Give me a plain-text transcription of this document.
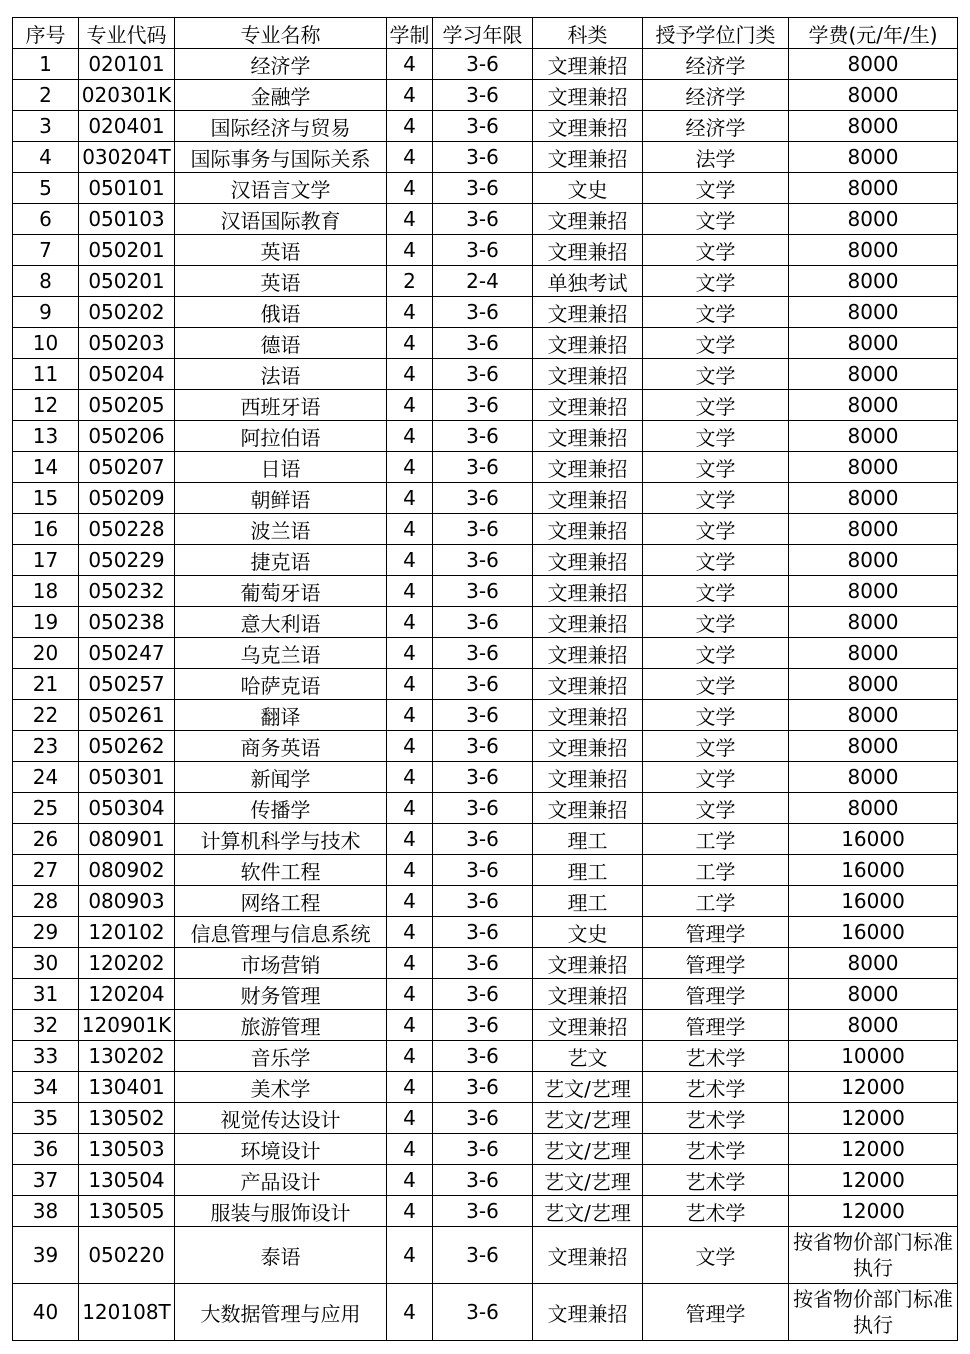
序号	专业代码	专业名称	学制	学习年限	科类	授予学位门类	学费(元/年/生)
1	020101	经济学	4	3-6	文理兼招	经济学	8000
2	020301K	金融学	4	3-6	文理兼招	经济学	8000
3	020401	国际经济与贸易	4	3-6	文理兼招	经济学	8000
4	030204T	国际事务与国际关系	4	3-6	文理兼招	法学	8000
5	050101	汉语言文学	4	3-6	文史	文学	8000
6	050103	汉语国际教育	4	3-6	文理兼招	文学	8000
7	050201	英语	4	3-6	文理兼招	文学	8000
8	050201	英语	2	2-4	单独考试	文学	8000
9	050202	俄语	4	3-6	文理兼招	文学	8000
10	050203	德语	4	3-6	文理兼招	文学	8000
11	050204	法语	4	3-6	文理兼招	文学	8000
12	050205	西班牙语	4	3-6	文理兼招	文学	8000
13	050206	阿拉伯语	4	3-6	文理兼招	文学	8000
14	050207	日语	4	3-6	文理兼招	文学	8000
15	050209	朝鲜语	4	3-6	文理兼招	文学	8000
16	050228	波兰语	4	3-6	文理兼招	文学	8000
17	050229	捷克语	4	3-6	文理兼招	文学	8000
18	050232	葡萄牙语	4	3-6	文理兼招	文学	8000
19	050238	意大利语	4	3-6	文理兼招	文学	8000
20	050247	乌克兰语	4	3-6	文理兼招	文学	8000
21	050257	哈萨克语	4	3-6	文理兼招	文学	8000
22	050261	翻译	4	3-6	文理兼招	文学	8000
23	050262	商务英语	4	3-6	文理兼招	文学	8000
24	050301	新闻学	4	3-6	文理兼招	文学	8000
25	050304	传播学	4	3-6	文理兼招	文学	8000
26	080901	计算机科学与技术	4	3-6	理工	工学	16000
27	080902	软件工程	4	3-6	理工	工学	16000
28	080903	网络工程	4	3-6	理工	工学	16000
29	120102	信息管理与信息系统	4	3-6	文史	管理学	16000
30	120202	市场营销	4	3-6	文理兼招	管理学	8000
31	120204	财务管理	4	3-6	文理兼招	管理学	8000
32	120901K	旅游管理	4	3-6	文理兼招	管理学	8000
33	130202	音乐学	4	3-6	艺文	艺术学	10000
34	130401	美术学	4	3-6	艺文/艺理	艺术学	12000
35	130502	视觉传达设计	4	3-6	艺文/艺理	艺术学	12000
36	130503	环境设计	4	3-6	艺文/艺理	艺术学	12000
37	130504	产品设计	4	3-6	艺文/艺理	艺术学	12000
38	130505	服装与服饰设计	4	3-6	艺文/艺理	艺术学	12000
39	050220	泰语	4	3-6	文理兼招	文学	按省物价部门标准执行
40	120108T	大数据管理与应用	4	3-6	文理兼招	管理学	按省物价部门标准执行
